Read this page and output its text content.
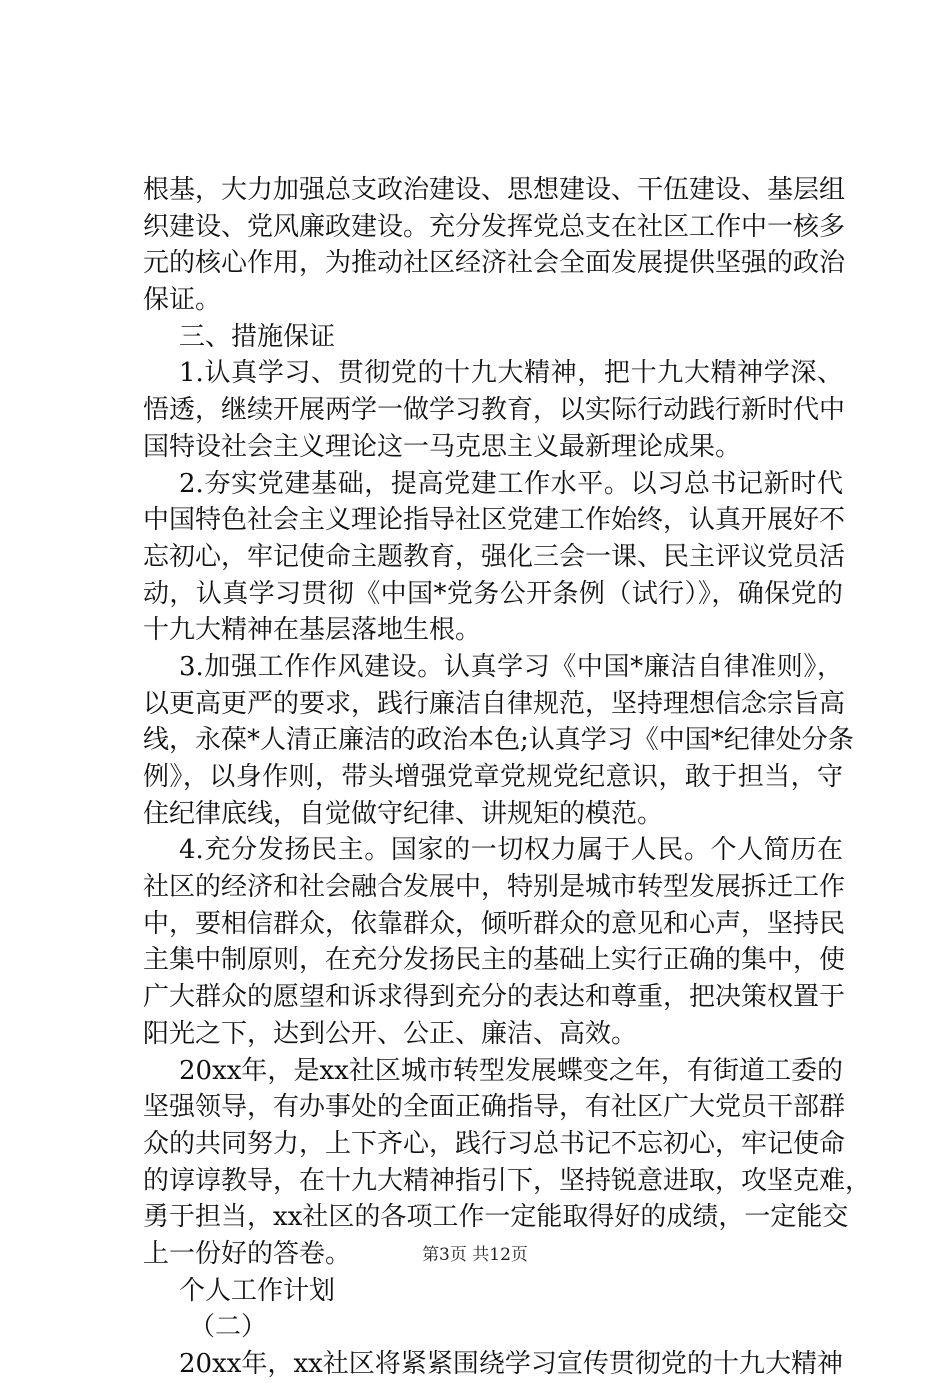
根基，大力加强总支政治建设、思想建设、干伍建设、基层组
织建设、党风廉政建设。充分发挥党总支在社区工作中一核多
元的核心作用，为推动社区经济社会全面发展提供坚强的政治
保证。
三、措施保证
1.认真学习、贯彻党的十九大精神，把十九大精神学深、
悟透，继续开展两学一做学习教育，以实际行动践行新时代中
国特设社会主义理论这一马克思主义最新理论成果。
2.夯实党建基础，提高党建工作水平。以习总书记新时代
中国特色社会主义理论指导社区党建工作始终，认真开展好不
忘初心，牢记使命主题教育，强化三会一课、民主评议党员活
动，认真学习贯彻《中国*党务公开条例（试行）》，确保党的
十九大精神在基层落地生根。
3.加强工作作风建设。认真学习《中国*廉洁自律准则》，
以更高更严的要求，践行廉洁自律规范，坚持理想信念宗旨高
线，永葆*人清正廉洁的政治本色;认真学习《中国*纪律处分条
例》，以身作则，带头增强党章党规党纪意识，敢于担当，守
住纪律底线，自觉做守纪律、讲规矩的模范。
4.充分发扬民主。国家的一切权力属于人民。个人简历在
社区的经济和社会融合发展中，特别是城市转型发展拆迁工作
中，要相信群众，依靠群众，倾听群众的意见和心声，坚持民
主集中制原则，在充分发扬民主的基础上实行正确的集中，使
广大群众的愿望和诉求得到充分的表达和尊重，把决策权置于
阳光之下，达到公开、公正、廉洁、高效。
20xx年，是xx社区城市转型发展蝶变之年，有街道工委的
坚强领导，有办事处的全面正确指导，有社区广大党员干部群
众的共同努力，上下齐心，践行习总书记不忘初心，牢记使命
的谆谆教导，在十九大精神指引下，坚持锐意进取，攻坚克难，
勇于担当，xx社区的各项工作一定能取得好的成绩，一定能交
上一份好的答卷。
个人工作计划
（二）
20xx年，xx社区将紧紧围绕学习宣传贯彻党的十九大精神
第3页 共12页
